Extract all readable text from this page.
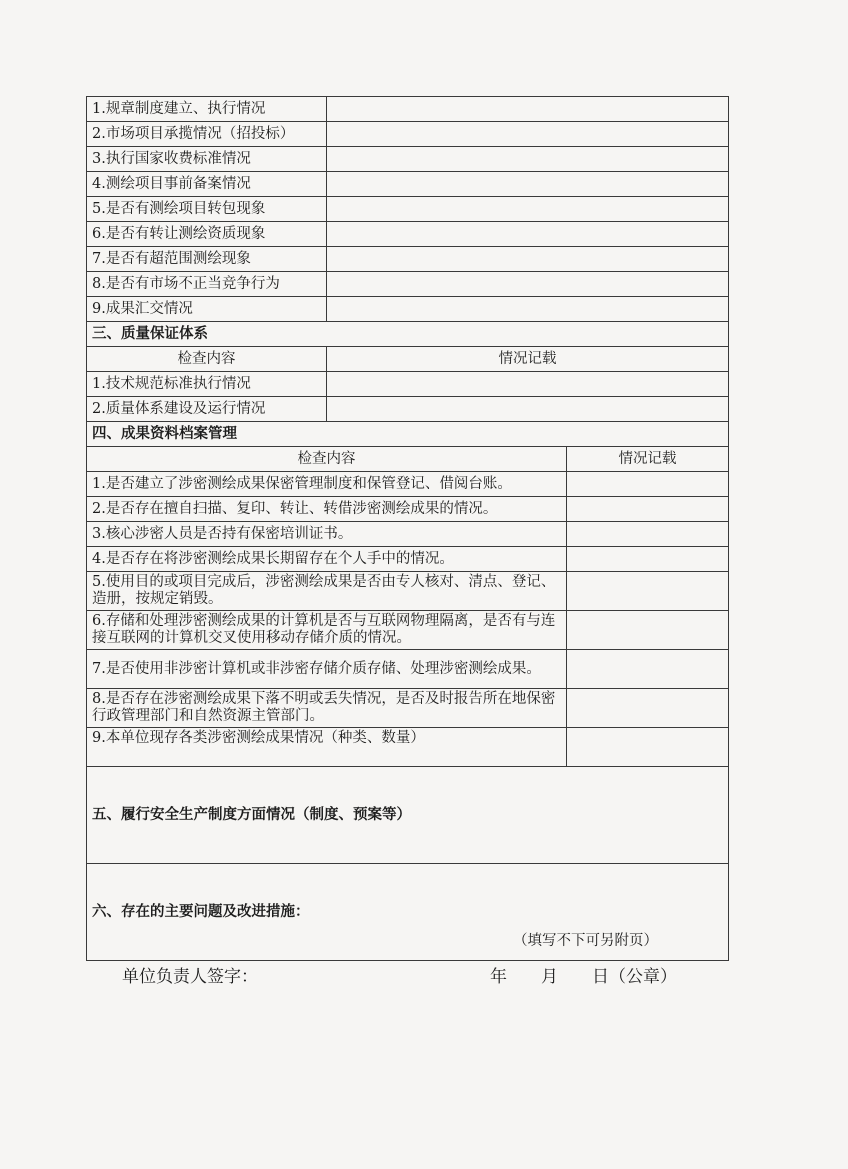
1.规章制度建立、执行情况		
2.市场项目承揽情况（招投标）		
3.执行国家收费标准情况		
4.测绘项目事前备案情况		
5.是否有测绘项目转包现象		
6.是否有转让测绘资质现象		
7.是否有超范围测绘现象		
8.是否有市场不正当竞争行为		
9.成果汇交情况		
三、质量保证体系		
检查内容	情况记载	
1.技术规范标准执行情况		
2.质量体系建设及运行情况		
四、成果资料档案管理		
检查内容		情况记载
1.是否建立了涉密测绘成果保密管理制度和保管登记、借阅台账。		
2.是否存在擅自扫描、复印、转让、转借涉密测绘成果的情况。		
3.核心涉密人员是否持有保密培训证书。		
4.是否存在将涉密测绘成果长期留存在个人手中的情况。		
5.使用目的或项目完成后，涉密测绘成果是否由专人核对、清点、登记、造册，按规定销毁。		
6.存储和处理涉密测绘成果的计算机是否与互联网物理隔离，是否有与连接互联网的计算机交叉使用移动存储介质的情况。		
7.是否使用非涉密计算机或非涉密存储介质存储、处理涉密测绘成果。		
8.是否存在涉密测绘成果下落不明或丢失情况，是否及时报告所在地保密行政管理部门和自然资源主管部门。		
9.本单位现存各类涉密测绘成果情况（种类、数量）		
五、履行安全生产制度方面情况（制度、预案等）		
六、存在的主要问题及改进措施：
（填写不下可另附页）		
单位负责人签字：	年　　月　　日（公章）
